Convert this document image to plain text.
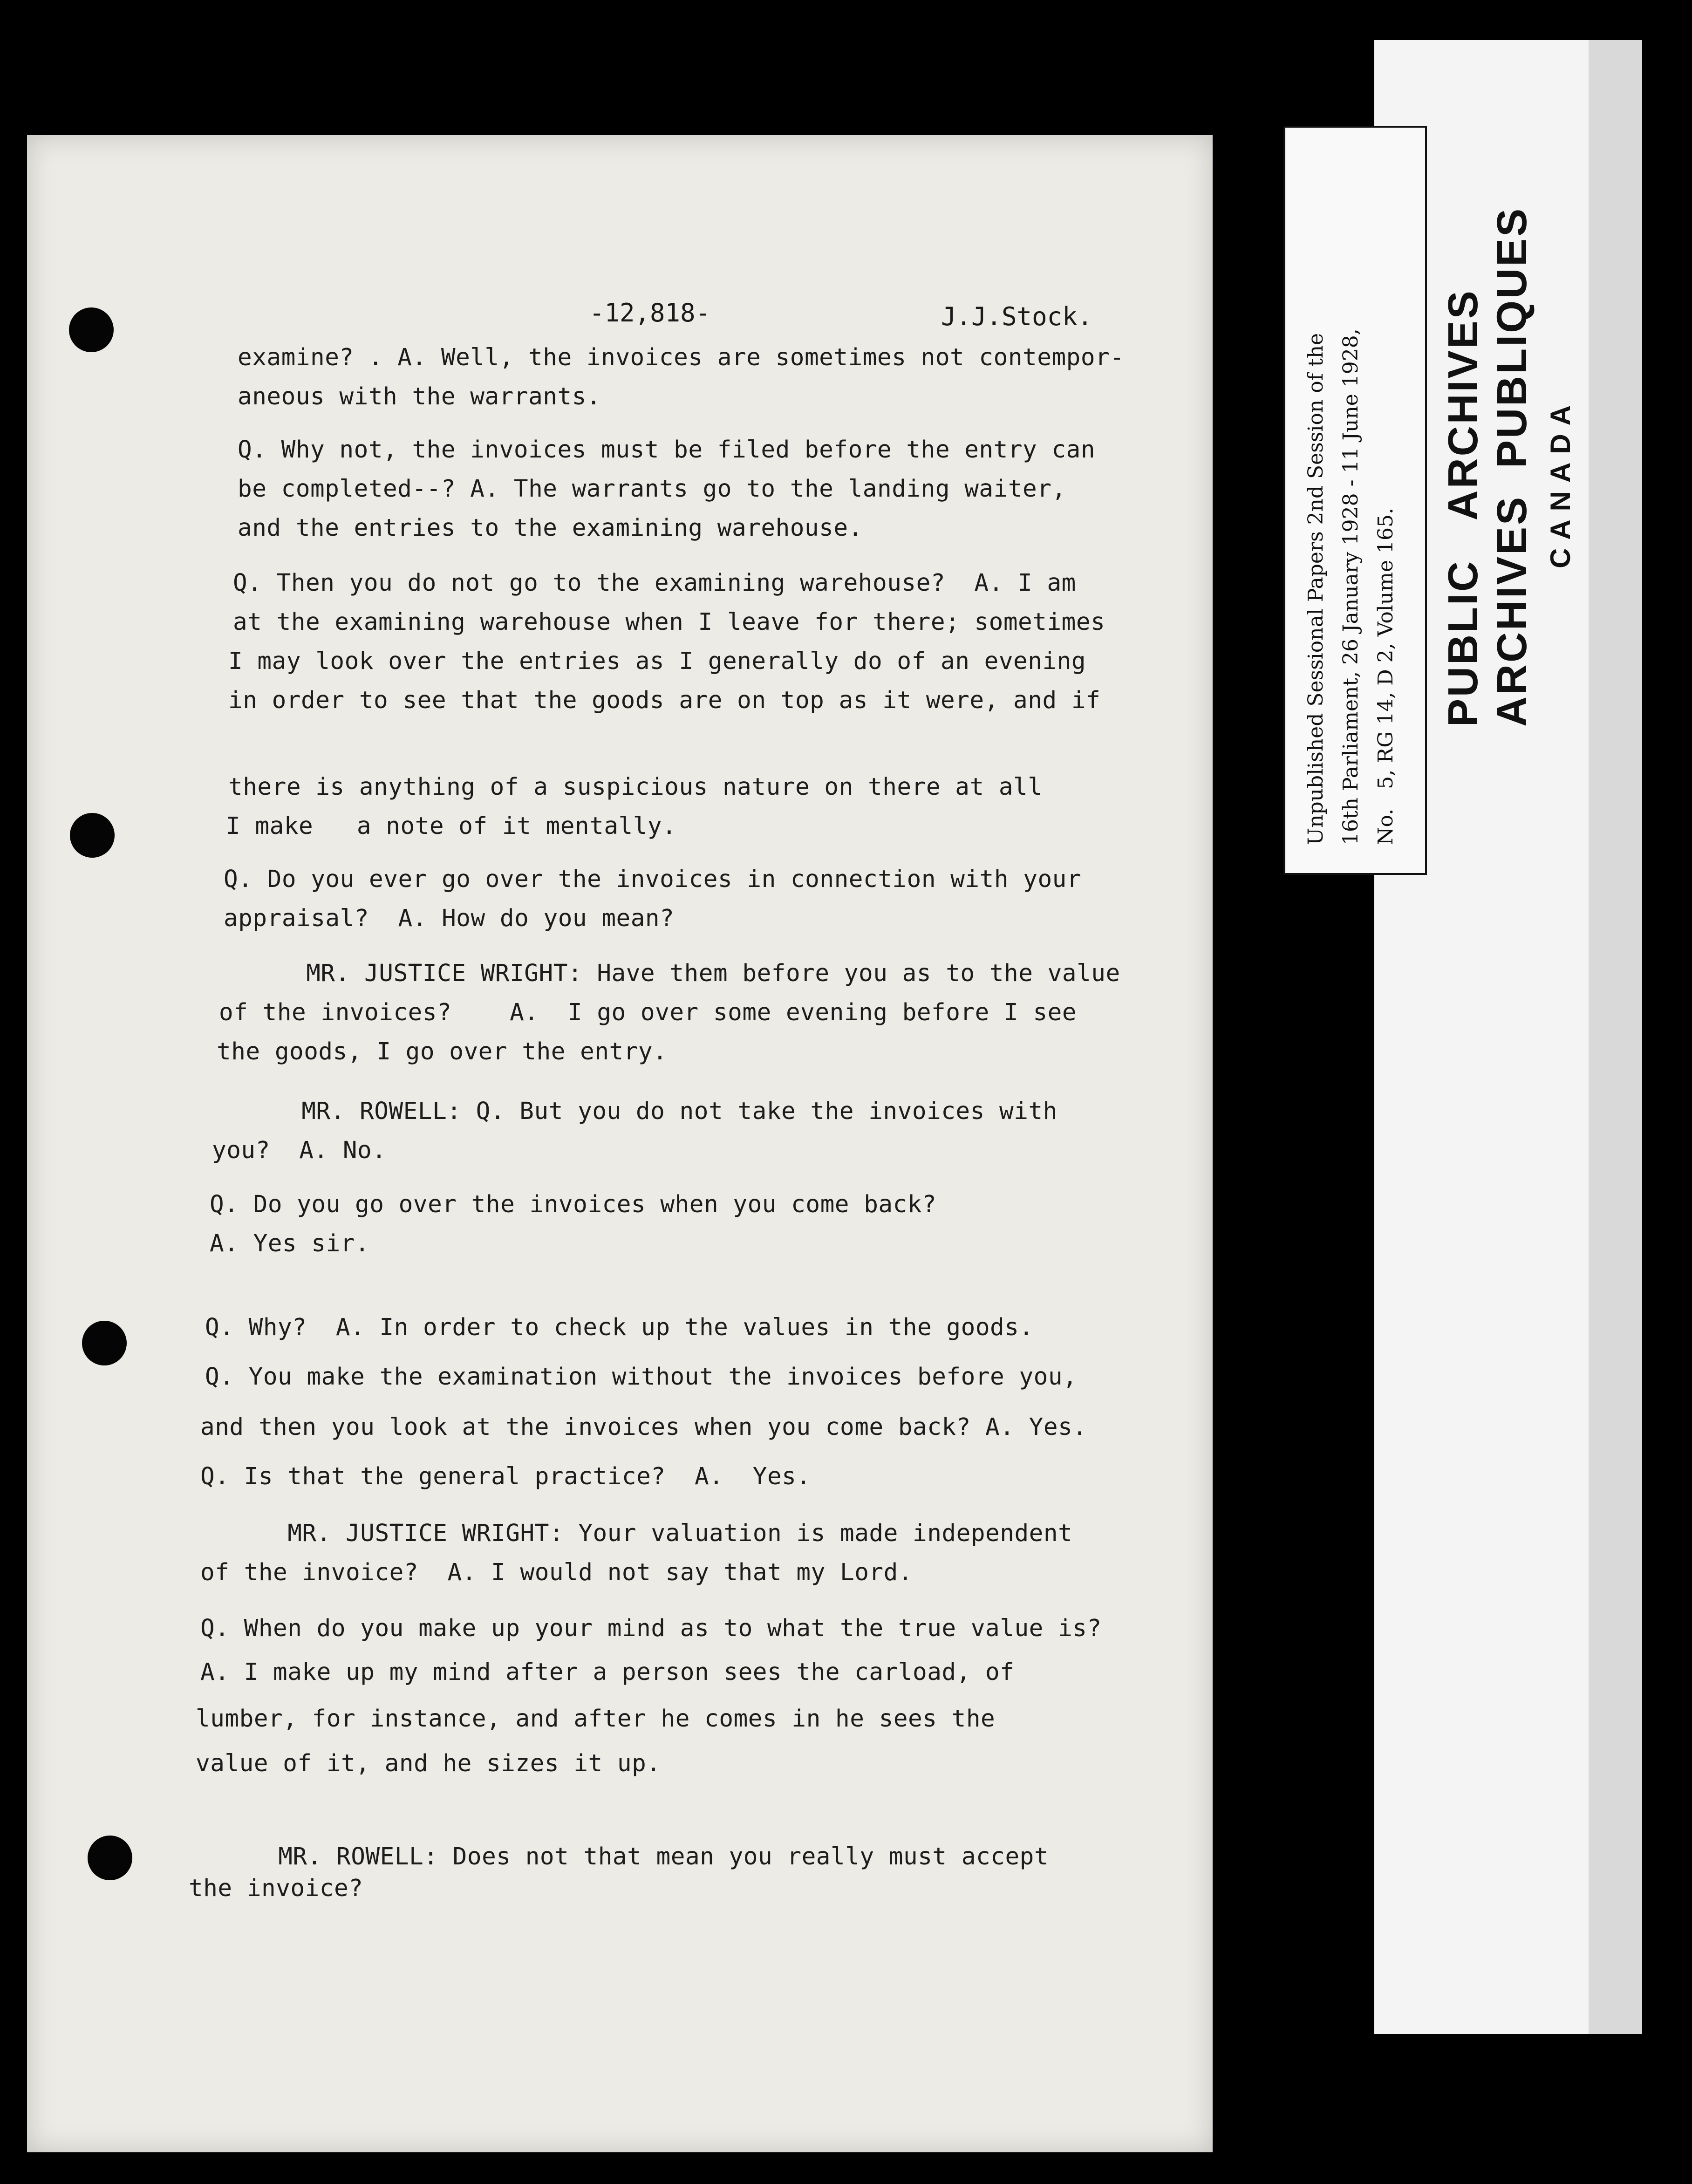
-12,818-	J.J.Stock.
examine? . A. Well, the invoices are sometimes not contempor-
aneous with the warrants.
Q. Why not, the invoices must be filed before the entry can
be completed--? A. The warrants go to the landing waiter,
and the entries to the examining warehouse.
Q. Then you do not go to the examining warehouse?  A. I am
at the examining warehouse when I leave for there; sometimes
I may look over the entries as I generally do of an evening
in order to see that the goods are on top as it were, and if
there is anything of a suspicious nature on there at all
I make   a note of it mentally.
Q. Do you ever go over the invoices in connection with your
appraisal?  A. How do you mean?
MR. JUSTICE WRIGHT: Have them before you as to the value
of the invoices?    A.  I go over some evening before I see
the goods, I go over the entry.
MR. ROWELL: Q. But you do not take the invoices with
you?  A. No.
Q. Do you go over the invoices when you come back?
A. Yes sir.
Q. Why?  A. In order to check up the values in the goods.
Q. You make the examination without the invoices before you,
and then you look at the invoices when you come back? A. Yes.
Q. Is that the general practice?  A.  Yes.
MR. JUSTICE WRIGHT: Your valuation is made independent
of the invoice?  A. I would not say that my Lord.
Q. When do you make up your mind as to what the true value is?
A. I make up my mind after a person sees the carload, of
lumber, for instance, and after he comes in he sees the
value of it, and he sizes it up.
MR. ROWELL: Does not that mean you really must accept
the invoice?
Unpublished Sessional Papers 2nd Session of the 16th Parliament, 26 January 1928 - 11 June 1928, No.   5, RG 14, D 2, Volume 165. PUBLIC   ARCHIVES ARCHIVES  PUBLIQUES CANADA
